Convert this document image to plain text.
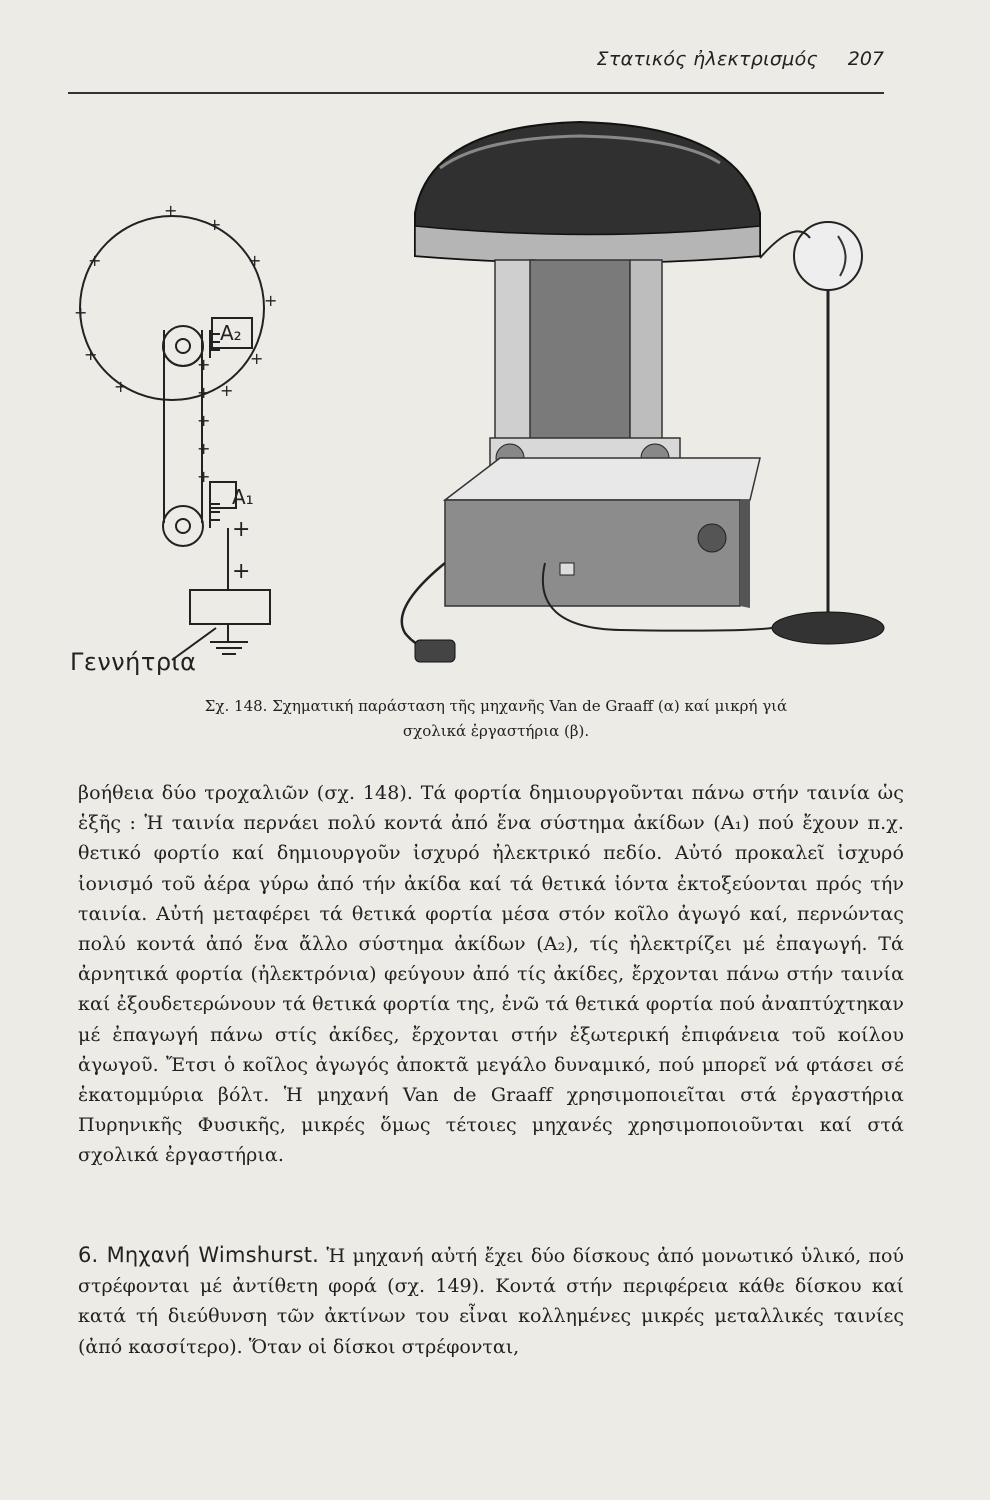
Στατικός ἠλεκτρισμός 207
+
+
+	+
+
+
+	+
+	+
+
+
+
+
+
A₂
A₁
+
+
Γεννήτρια
Σχ. 148. Σχηματική παράσταση τῆς μηχανῆς Van de Graaff (α) καί μικρή γιά
σχολικά ἐργαστήρια (β).

βοήθεια δύο τροχαλιῶν (σχ. 148). Τά φορτία δημιουργοῦνται πάνω στήν ταινία ὡς ἑξῆς : Ἡ ταινία περνάει πολύ κοντά ἀπό ἕνα σύστημα ἀκίδων (A₁) πού ἔχουν π.χ. θετικό φορτίο καί δημιουργοῦν ἰσχυρό ἠλεκτρικό πεδίο. Αὐτό προκαλεῖ ἰσχυρό ἰονισμό τοῦ ἀέρα γύρω ἀπό τήν ἀκίδα καί τά θετικά ἰόντα ἐκτοξεύονται πρός τήν ταινία. Αὐτή μεταφέρει τά θετικά φορτία μέσα στόν κοῖλο ἀγωγό καί, περνώντας πολύ κοντά ἀπό ἕνα ἄλλο σύστημα ἀκίδων (A₂), τίς ἠλεκτρίζει μέ ἐπαγωγή. Τά ἀρνητικά φορτία (ἠλεκτρόνια) φεύγουν ἀπό τίς ἀκίδες, ἔρχονται πάνω στήν ταινία καί ἐξουδετερώνουν τά θετικά φορτία της, ἐνῶ τά θετικά φορτία πού ἀναπτύχτηκαν μέ ἐπαγωγή πάνω στίς ἀκίδες, ἔρχονται στήν ἐξωτερική ἐπιφάνεια τοῦ κοίλου ἀγωγοῦ. Ἔτσι ὁ κοῖλος ἀγωγός ἀποκτᾶ μεγάλο δυναμικό, πού μπορεῖ νά φτάσει σέ ἑκατομμύρια βόλτ. Ἡ μηχανή Van de Graaff χρησιμοποιεῖται στά ἐργαστήρια Πυρηνικῆς Φυσικῆς, μικρές ὅμως τέτοιες μηχανές χρησιμοποιοῦνται καί στά σχολικά ἐργαστήρια.

6. Μηχανή Wimshurst. Ἡ μηχανή αὐτή ἔχει δύο δίσκους ἀπό μονωτικό ὑλικό, πού στρέφονται μέ ἀντίθετη φορά (σχ. 149). Κοντά στήν περιφέρεια κάθε δίσκου καί κατά τή διεύθυνση τῶν ἀκτίνων του εἶναι κολλημένες μικρές μεταλλικές ταινίες (ἀπό κασσίτερο). Ὅταν οἱ δίσκοι στρέφονται,
